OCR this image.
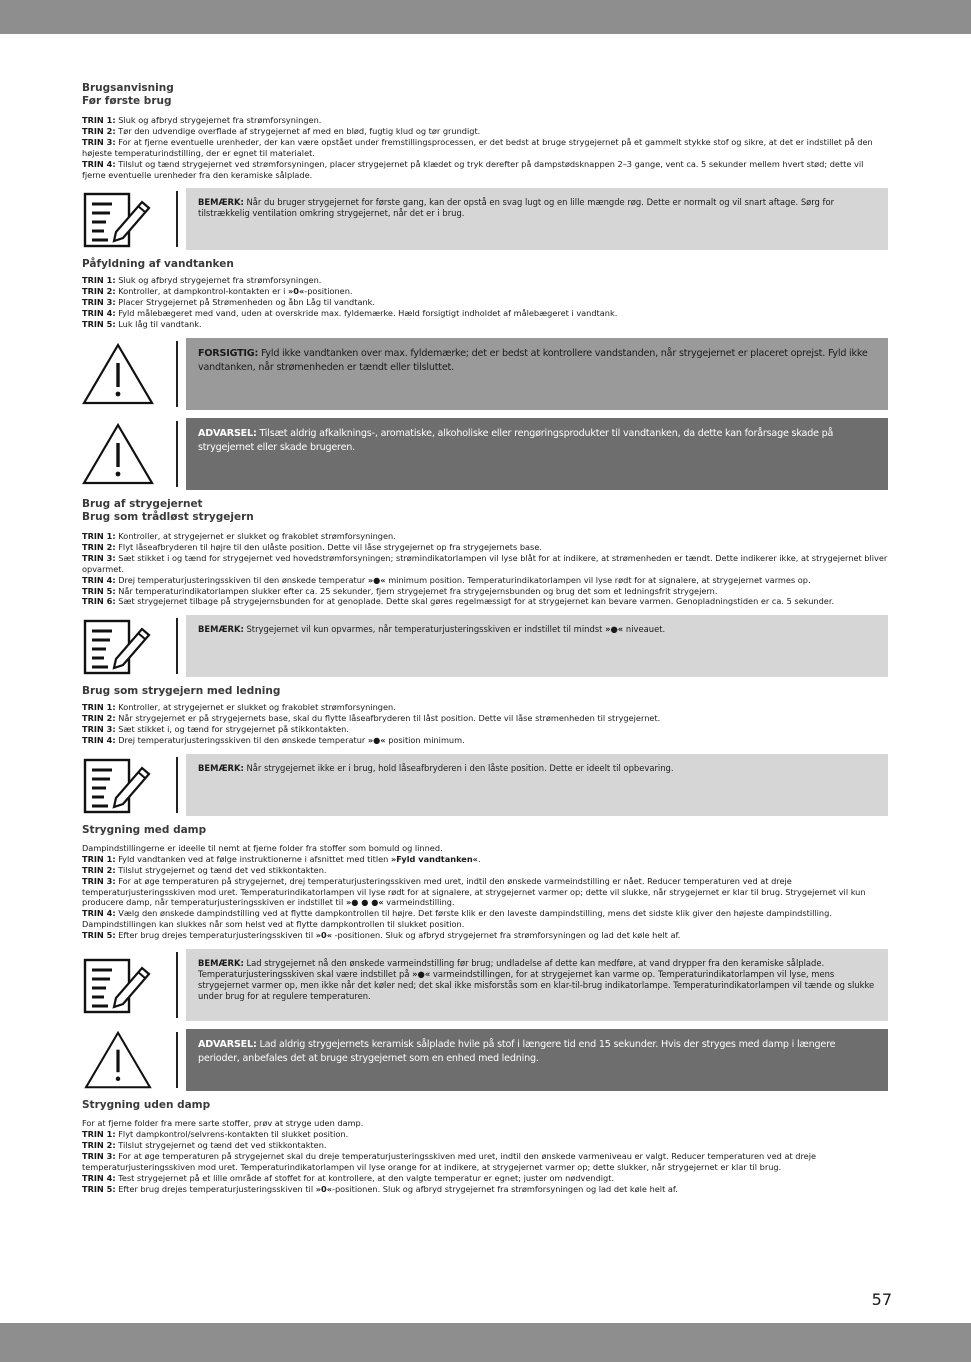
Brugsanvisning

Før første brug

TRIN 1: Sluk og afbryd strygejernet fra strømforsyningen.

TRIN 2: Tør den udvendige overflade af strygejernet af med en blød, fugtig klud og tør grundigt.

TRIN 3: For at fjerne eventuelle urenheder, der kan være opstået under fremstillingsprocessen, er det bedst at bruge strygejernet på et gammelt stykke stof og sikre, at det er indstillet på den højeste temperaturindstilling, der er egnet til materialet.

TRIN 4: Tilslut og tænd strygejernet ved strømforsyningen, placer strygejernet på klædet og tryk derefter på dampstødsknappen 2–3 gange, vent ca. 5 sekunder mellem hvert stød; dette vil fjerne eventuelle urenheder fra den keramiske sålplade.

BEMÆRK: Når du bruger strygejernet for første gang, kan der opstå en svag lugt og en lille mængde røg. Dette er normalt og vil snart aftage. Sørg for tilstrækkelig ventilation omkring strygejernet, når det er i brug.

Påfyldning af vandtanken

TRIN 1: Sluk og afbryd strygejernet fra strømforsyningen.

TRIN 2: Kontroller, at dampkontrol-kontakten er i »0«-positionen.

TRIN 3: Placer Strygejernet på Strømenheden og åbn Låg til vandtank.

TRIN 4: Fyld målebægeret med vand, uden at overskride max. fyldemærke. Hæld forsigtigt indholdet af målebægeret i vandtank.

TRIN 5: Luk låg til vandtank.

FORSIGTIG: Fyld ikke vandtanken over max. fyldemærke; det er bedst at kontrollere vandstanden, når strygejernet er placeret oprejst. Fyld ikke vandtanken, når strømenheden er tændt eller tilsluttet.

ADVARSEL: Tilsæt aldrig afkalknings-, aromatiske, alkoholiske eller rengøringsprodukter til vandtanken, da dette kan forårsage skade på strygejernet eller skade brugeren.

Brug af strygejernet

Brug som trådløst strygejern

TRIN 1: Kontroller, at strygejernet er slukket og frakoblet strømforsyningen.

TRIN 2: Flyt låseafbryderen til højre til den ulåste position. Dette vil låse strygejernet op fra strygejernets base.

TRIN 3: Sæt stikket i og tænd for strygejernet ved hovedstrømforsyningen; strømindikatorlampen vil lyse blåt for at indikere, at strømenheden er tændt. Dette indikerer ikke, at strygejernet bliver opvarmet.

TRIN 4: Drej temperaturjusteringsskiven til den ønskede temperatur »●« minimum position. Temperaturindikatorlampen vil lyse rødt for at signalere, at strygejernet varmes op.

TRIN 5: Når temperaturindikatorlampen slukker efter ca. 25 sekunder, fjern strygejernet fra strygejernsbunden og brug det som et ledningsfrit strygejern.

TRIN 6: Sæt strygejernet tilbage på strygejernsbunden for at genoplade. Dette skal gøres regelmæssigt for at strygejernet kan bevare varmen. Genopladningstiden er ca. 5 sekunder.

BEMÆRK: Strygejernet vil kun opvarmes, når temperaturjusteringsskiven er indstillet til mindst »●« niveauet.

Brug som strygejern med ledning

TRIN 1: Kontroller, at strygejernet er slukket og frakoblet strømforsyningen.

TRIN 2: Når strygejernet er på strygejernets base, skal du flytte låseafbryderen til låst position. Dette vil låse strømenheden til strygejernet.

TRIN 3: Sæt stikket i, og tænd for strygejernet på stikkontakten.

TRIN 4: Drej temperaturjusteringsskiven til den ønskede temperatur »●« position minimum.

BEMÆRK: Når strygejernet ikke er i brug, hold låseafbryderen i den låste position. Dette er ideelt til opbevaring.

Strygning med damp

Dampindstillingerne er ideelle til nemt at fjerne folder fra stoffer som bomuld og linned.

TRIN 1: Fyld vandtanken ved at følge instruktionerne i afsnittet med titlen »Fyld vandtanken«.

TRIN 2: Tilslut strygejernet og tænd det ved stikkontakten.

TRIN 3: For at øge temperaturen på strygejernet, drej temperaturjusteringsskiven med uret, indtil den ønskede varmeindstilling er nået. Reducer temperaturen ved at dreje temperaturjusteringsskiven mod uret. Temperaturindikatorlampen vil lyse rødt for at signalere, at strygejernet varmer op; dette vil slukke, når strygejernet er klar til brug. Strygejernet vil kun producere damp, når temperaturjusteringsskiven er indstillet til »● ● ●« varmeindstilling.

TRIN 4: Vælg den ønskede dampindstilling ved at flytte dampkontrollen til højre. Det første klik er den laveste dampindstilling, mens det sidste klik giver den højeste dampindstilling. Dampindstillingen kan slukkes når som helst ved at flytte dampkontrollen til slukket position.

TRIN 5: Efter brug drejes temperaturjusteringsskiven til »0« -positionen. Sluk og afbryd strygejernet fra strømforsyningen og lad det køle helt af.

BEMÆRK: Lad strygejernet nå den ønskede varmeindstilling før brug; undladelse af dette kan medføre, at vand drypper fra den keramiske sålplade. Temperaturjusteringsskiven skal være indstillet på »●« varmeindstillingen, for at strygejernet kan varme op. Temperaturindikatorlampen vil lyse, mens strygejernet varmer op, men ikke når det køler ned; det skal ikke misforstås som en klar-til-brug indikatorlampe. Temperaturindikatorlampen vil tænde og slukke under brug for at regulere temperaturen.

ADVARSEL: Lad aldrig strygejernets keramisk sålplade hvile på stof i længere tid end 15 sekunder. Hvis der stryges med damp i længere perioder, anbefales det at bruge strygejernet som en enhed med ledning.

Strygning uden damp

For at fjerne folder fra mere sarte stoffer, prøv at stryge uden damp.

TRIN 1: Flyt dampkontrol/selvrens-kontakten til slukket position.

TRIN 2: Tilslut strygejernet og tænd det ved stikkontakten.

TRIN 3: For at øge temperaturen på strygejernet skal du dreje temperaturjusteringsskiven med uret, indtil den ønskede varmeniveau er valgt. Reducer temperaturen ved at dreje temperaturjusteringsskiven mod uret. Temperaturindikatorlampen vil lyse orange for at indikere, at strygejernet varmer op; dette slukker, når strygejernet er klar til brug.

TRIN 4: Test strygejernet på et lille område af stoffet for at kontrollere, at den valgte temperatur er egnet; juster om nødvendigt.

TRIN 5: Efter brug drejes temperaturjusteringsskiven til »0«-positionen. Sluk og afbryd strygejernet fra strømforsyningen og lad det køle helt af.

57
